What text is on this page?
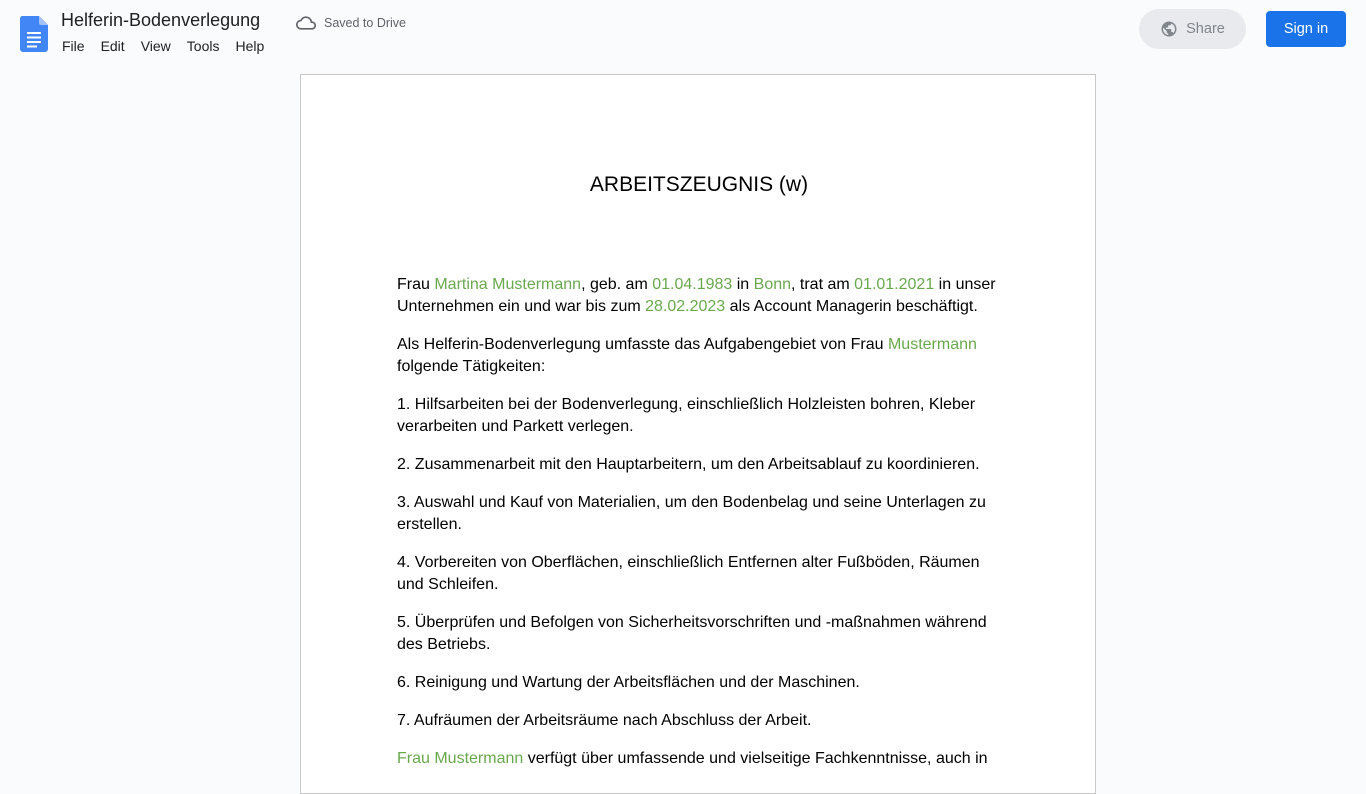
Helferin-Bodenverlegung	Saved to Drive
File	Edit	View	Tools	Help
Share	Sign in
ARBEITSZEUGNIS (w)

Frau Martina Mustermann, geb. am 01.04.1983 in Bonn, trat am 01.01.2021 in unser Unternehmen ein und war bis zum 28.02.2023 als Account Managerin beschäftigt.

Als Helferin-Bodenverlegung umfasste das Aufgabengebiet von Frau Mustermann folgende Tätigkeiten:

1. Hilfsarbeiten bei der Bodenverlegung, einschließlich Holzleisten bohren, Kleber verarbeiten und Parkett verlegen.

2. Zusammenarbeit mit den Hauptarbeitern, um den Arbeitsablauf zu koordinieren.

3. Auswahl und Kauf von Materialien, um den Bodenbelag und seine Unterlagen zu erstellen.

4. Vorbereiten von Oberflächen, einschließlich Entfernen alter Fußböden, Räumen und Schleifen.

5. Überprüfen und Befolgen von Sicherheitsvorschriften und -maßnahmen während des Betriebs.

6. Reinigung und Wartung der Arbeitsflächen und der Maschinen.

7. Aufräumen der Arbeitsräume nach Abschluss der Arbeit.

Frau Mustermann verfügt über umfassende und vielseitige Fachkenntnisse, auch in
